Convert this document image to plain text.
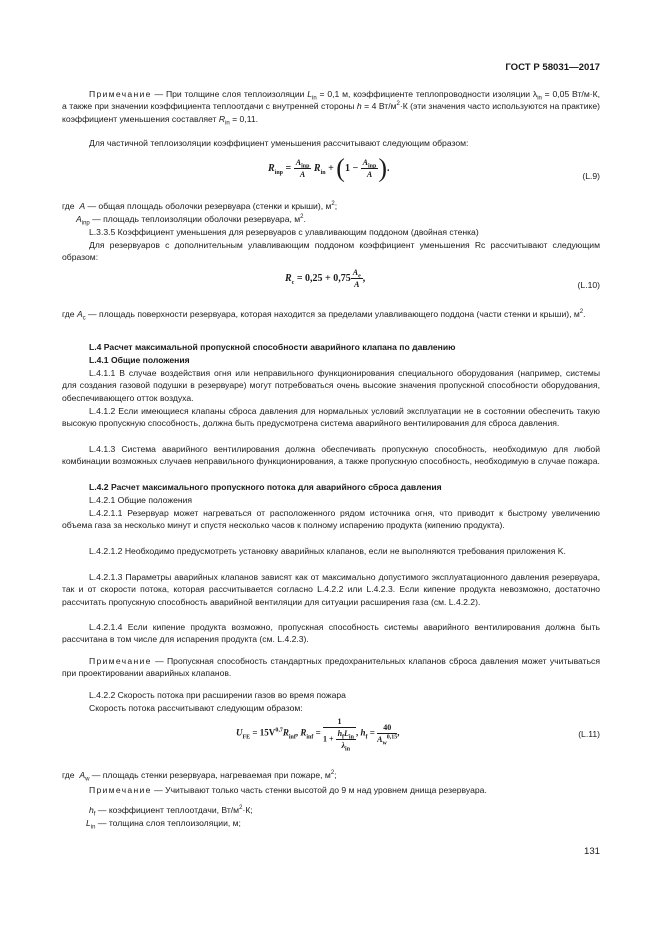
ГОСТ Р 58031—2017
Примечание — При толщине слоя теплоизоляции $L_{in} = 0,1$ м, коэффициенте теплопроводности изоляции $\lambda_{in} = 0,05$ Вт/м·К, а также при значении коэффициента теплоотдачи с внутренней стороны h = 4 $Вт/м^2\cdot К$ (эти значения часто используются на практике) коэффициент уменьшения составляет $R_{in} = 0,11$.
Для частичной теплоизоляции коэффициент уменьшения рассчитывают следующим образом:
$R_{inp} = \frac{A_{inp}}{A} R_{in} + (1 - \frac{A_{inp}}{A}$ ).
(L.9)
где A — общая площадь оболочки резервуара (стенки и крыши), $м^2$;
$A_{inp}$ — площадь теплоизоляции оболочки резервуара, $м^2$.
L.3.3.5 Коэффициент уменьшения для резервуаров с улавливающим поддоном (двойная стенка)
Для резервуаров с дополнительным улавливающим поддоном коэффициент уменьшения Rc рассчитывают следующим образом:
$R_c = 0,25 + 0,75 \frac{A_e}{A}$ ,
(L.10)
где $A_c$ — площадь поверхности резервуара, которая находится за пределами улавливающего поддона (части стенки и крыши), $м^2$.
L.4 Расчет максимальной пропускной способности аварийного клапана по давлению
L.4.1 Общие положения
L.4.1.1 В случае воздействия огня или неправильного функционирования специального оборудования (например, системы для создания газовой подушки в резервуаре) могут потребоваться очень высокие значения пропускной способности оборудования, обеспечивающего отток воздуха.
L.4.1.2 Если имеющиеся клапаны сброса давления для нормальных условий эксплуатации не в состоянии обеспечить такую высокую пропускную способность, должна быть предусмотрена система аварийного вентилирования для сброса давления.
L.4.1.3 Система аварийного вентилирования должна обеспечивать пропускную способность, необходимую для любой комбинации возможных случаев неправильного функционирования, а также пропускную способность, необходимую в случае пожара.
L.4.2 Расчет максимального пропускного потока для аварийного сброса давления
L.4.2.1 Общие положения
L.4.2.1.1 Резервуар может нагреваться от расположенного рядом источника огня, что приводит к быстрому увеличению объема газа за несколько минут и спустя несколько часов к полному испарению продукта (кипению продукта).
L.4.2.1.2 Необходимо предусмотреть установку аварийных клапанов, если не выполняются требования приложения K.
L.4.2.1.3 Параметры аварийных клапанов зависят как от максимально допустимого эксплуатационного давления резервуара, так и от скорости потока, которая рассчитывается согласно L.4.2.2 или L.4.2.3. Если кипение продукта невозможно, достаточно рассчитать пропускную способность аварийной вентиляции для ситуации расширения газа (см. L.4.2.2).
L.4.2.1.4 Если кипение продукта возможно, пропускная способность системы аварийного вентилирования должна быть рассчитана в том числе для испарения продукта (см. L.4.2.3).
Примечание — Пропускная способность стандартных предохранительных клапанов сброса давления может учитываться при проектировании аварийных клапанов.
L.4.2.2 Скорость потока при расширении газов во время пожара
Скорость потока рассчитывают следующим образом:
$U_{FE} = 15V^{0,7}R_{inf}$, $R_{inf} = \frac{1}{1 + \frac{h_fL_{in}}{\lambda_{in}}}$ , $h_f = \frac{40}{A_w^{0,15}}$ ,	(L.11)
где $A_w$ — площадь стенки резервуара, нагреваемая при пожаре, $м^2$;
Примечание — Учитывают только часть стенки высотой до 9 м над уровнем днища резервуара.
$h_f$ — коэффициент теплоотдачи, $Вт/м^2\cdot К$;
$L_{in}$ — толщина слоя теплоизоляции, м;
131
